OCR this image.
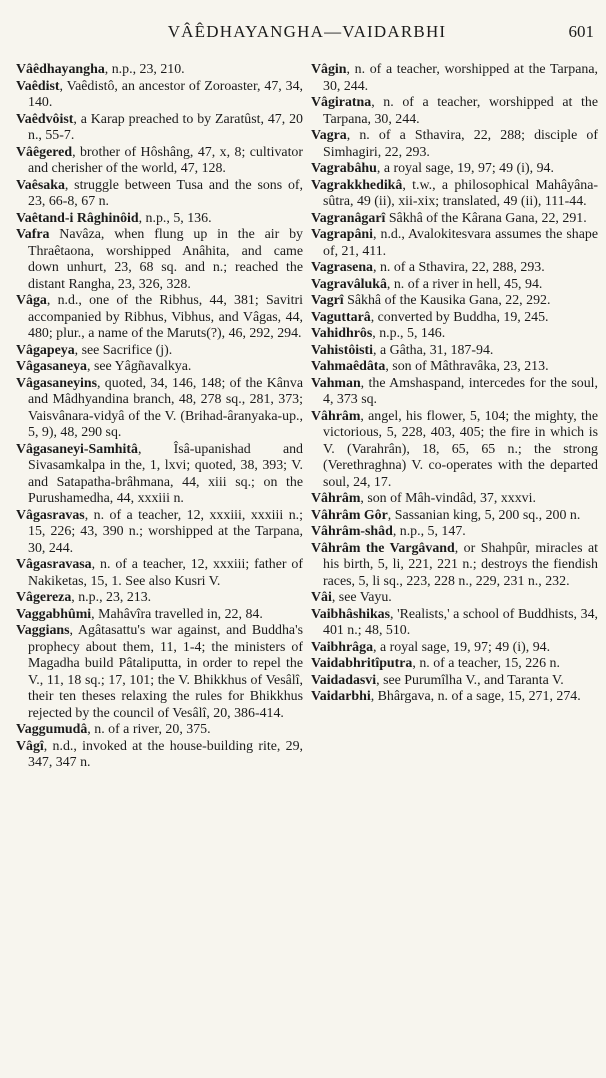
VÂÊDHAYANGHA—VAIDARBHI	601

Vâêdhayangha, n.p., 23, 210.

Vaêdist, Vaêdistô, an ancestor of Zoroaster, 47, 34, 140.

Vaêdvôist, a Karap preached to by Zaratûst, 47, 20 n., 55-7.

Vâêgered, brother of Hôshâng, 47, x, 8; cultivator and cherisher of the world, 47, 128.

Vaêsaka, struggle between Tusa and the sons of, 23, 66-8, 67 n.

Vaêtand-i Râghinôid, n.p., 5, 136.

Vafra Navâza, when flung up in the air by Thraêtaona, worshipped Anâhita, and came down unhurt, 23, 68 sq. and n.; reached the distant Rangha, 23, 326, 328.

Vâga, n.d., one of the Ribhus, 44, 381; Savitri accompanied by Ribhus, Vibhus, and Vâgas, 44, 480; plur., a name of the Maruts(?), 46, 292, 294.

Vâgapeya, see Sacrifice (j).

Vâgasaneya, see Yâgñavalkya.

Vâgasaneyins, quoted, 34, 146, 148; of the Kânva and Mâdhyandina branch, 48, 278 sq., 281, 373; Vaisvânara-vidyâ of the V. (Brihad-âranyaka-up., 5, 9), 48, 290 sq.

Vâgasaneyi-Samhitâ, Îsâ-upanishad and Sivasamkalpa in the, 1, lxvi; quoted, 38, 393; V. and Satapatha-brâhmana, 44, xiii sq.; on the Purushamedha, 44, xxxiii n.

Vâgasravas, n. of a teacher, 12, xxxiii, xxxiii n.; 15, 226; 43, 390 n.; worshipped at the Tarpana, 30, 244.

Vâgasravasa, n. of a teacher, 12, xxxiii; father of Nakiketas, 15, 1. See also Kusri V.

Vâgereza, n.p., 23, 213.

Vaggabhûmi, Mahâvîra travelled in, 22, 84.

Vaggians, Agâtasattu's war against, and Buddha's prophecy about them, 11, 1-4; the ministers of Magadha build Pâtaliputta, in order to repel the V., 11, 18 sq.; 17, 101; the V. Bhikkhus of Vesâlî, their ten theses relaxing the rules for Bhikkhus rejected by the council of Vesâlî, 20, 386-414.

Vaggumudâ, n. of a river, 20, 375.

Vâgî, n.d., invoked at the house-building rite, 29, 347, 347 n.

Vâgin, n. of a teacher, worshipped at the Tarpana, 30, 244.

Vâgiratna, n. of a teacher, worshipped at the Tarpana, 30, 244.

Vagra, n. of a Sthavira, 22, 288; disciple of Simhagiri, 22, 293.

Vagrabâhu, a royal sage, 19, 97; 49 (i), 94.

Vagrakkhedikâ, t.w., a philosophical Mahâyâna-sûtra, 49 (ii), xii-xix; translated, 49 (ii), 111-44.

Vagranâgarî Sâkhâ of the Kârana Gana, 22, 291.

Vagrapâni, n.d., Avalokitesvara assumes the shape of, 21, 411.

Vagrasena, n. of a Sthavira, 22, 288, 293.

Vagravâlukâ, n. of a river in hell, 45, 94.

Vagrî Sâkhâ of the Kausika Gana, 22, 292.

Vaguttarâ, converted by Buddha, 19, 245.

Vahidhrôs, n.p., 5, 146.

Vahistôisti, a Gâtha, 31, 187-94.

Vahmaêdâta, son of Mâthravâka, 23, 213.

Vahman, the Amshaspand, intercedes for the soul, 4, 373 sq.

Vâhrâm, angel, his flower, 5, 104; the mighty, the victorious, 5, 228, 403, 405; the fire in which is V. (Varahrân), 18, 65, 65 n.; the strong (Verethraghna) V. co-operates with the departed soul, 24, 17.

Vâhrâm, son of Mâh-vindâd, 37, xxxvi.

Vâhrâm Gôr, Sassanian king, 5, 200 sq., 200 n.

Vâhrâm-shâd, n.p., 5, 147.

Vâhrâm the Vargâvand, or Shahpûr, miracles at his birth, 5, li, 221, 221 n.; destroys the fiendish races, 5, li sq., 223, 228 n., 229, 231 n., 232.

Vâi, see Vayu.

Vaibhâshikas, 'Realists,' a school of Buddhists, 34, 401 n.; 48, 510.

Vaibhrâga, a royal sage, 19, 97; 49 (i), 94.

Vaidabhritîputra, n. of a teacher, 15, 226 n.

Vaidadasvi, see Purumîlha V., and Taranta V.

Vaidarbhi, Bhârgava, n. of a sage, 15, 271, 274.
